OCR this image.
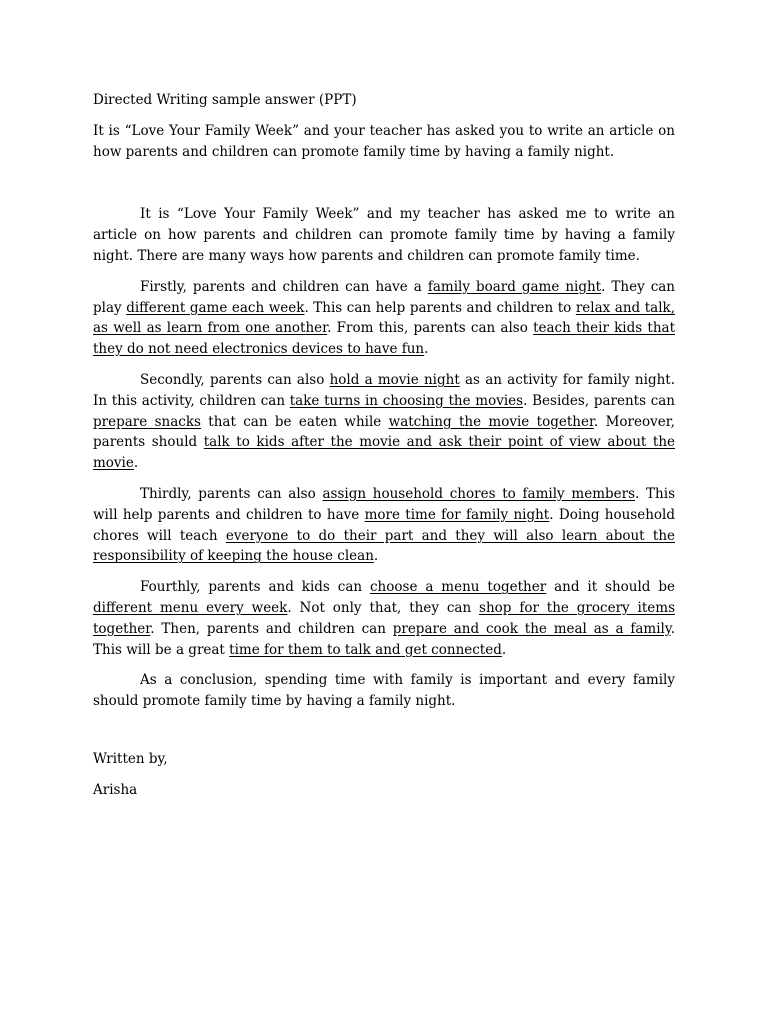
Directed Writing sample answer (PPT)

It is “Love Your Family Week” and your teacher has asked you to write an article on how parents and children can promote family time by having a family night.

It is “Love Your Family Week” and my teacher has asked me to write an article on how parents and children can promote family time by having a family night. There are many ways how parents and children can promote family time.

Firstly, parents and children can have a family board game night. They can play different game each week. This can help parents and children to relax and talk, as well as learn from one another. From this, parents can also teach their kids that they do not need electronics devices to have fun.

Secondly, parents can also hold a movie night as an activity for family night. In this activity, children can take turns in choosing the movies. Besides, parents can prepare snacks that can be eaten while watching the movie together. Moreover, parents should talk to kids after the movie and ask their point of view about the movie.

Thirdly, parents can also assign household chores to family members. This will help parents and children to have more time for family night. Doing household chores will teach everyone to do their part and they will also learn about the responsibility of keeping the house clean.

Fourthly, parents and kids can choose a menu together and it should be different menu every week. Not only that, they can shop for the grocery items together. Then, parents and children can prepare and cook the meal as a family. This will be a great time for them to talk and get connected.

As a conclusion, spending time with family is important and every family should promote family time by having a family night.

Written by,

Arisha
